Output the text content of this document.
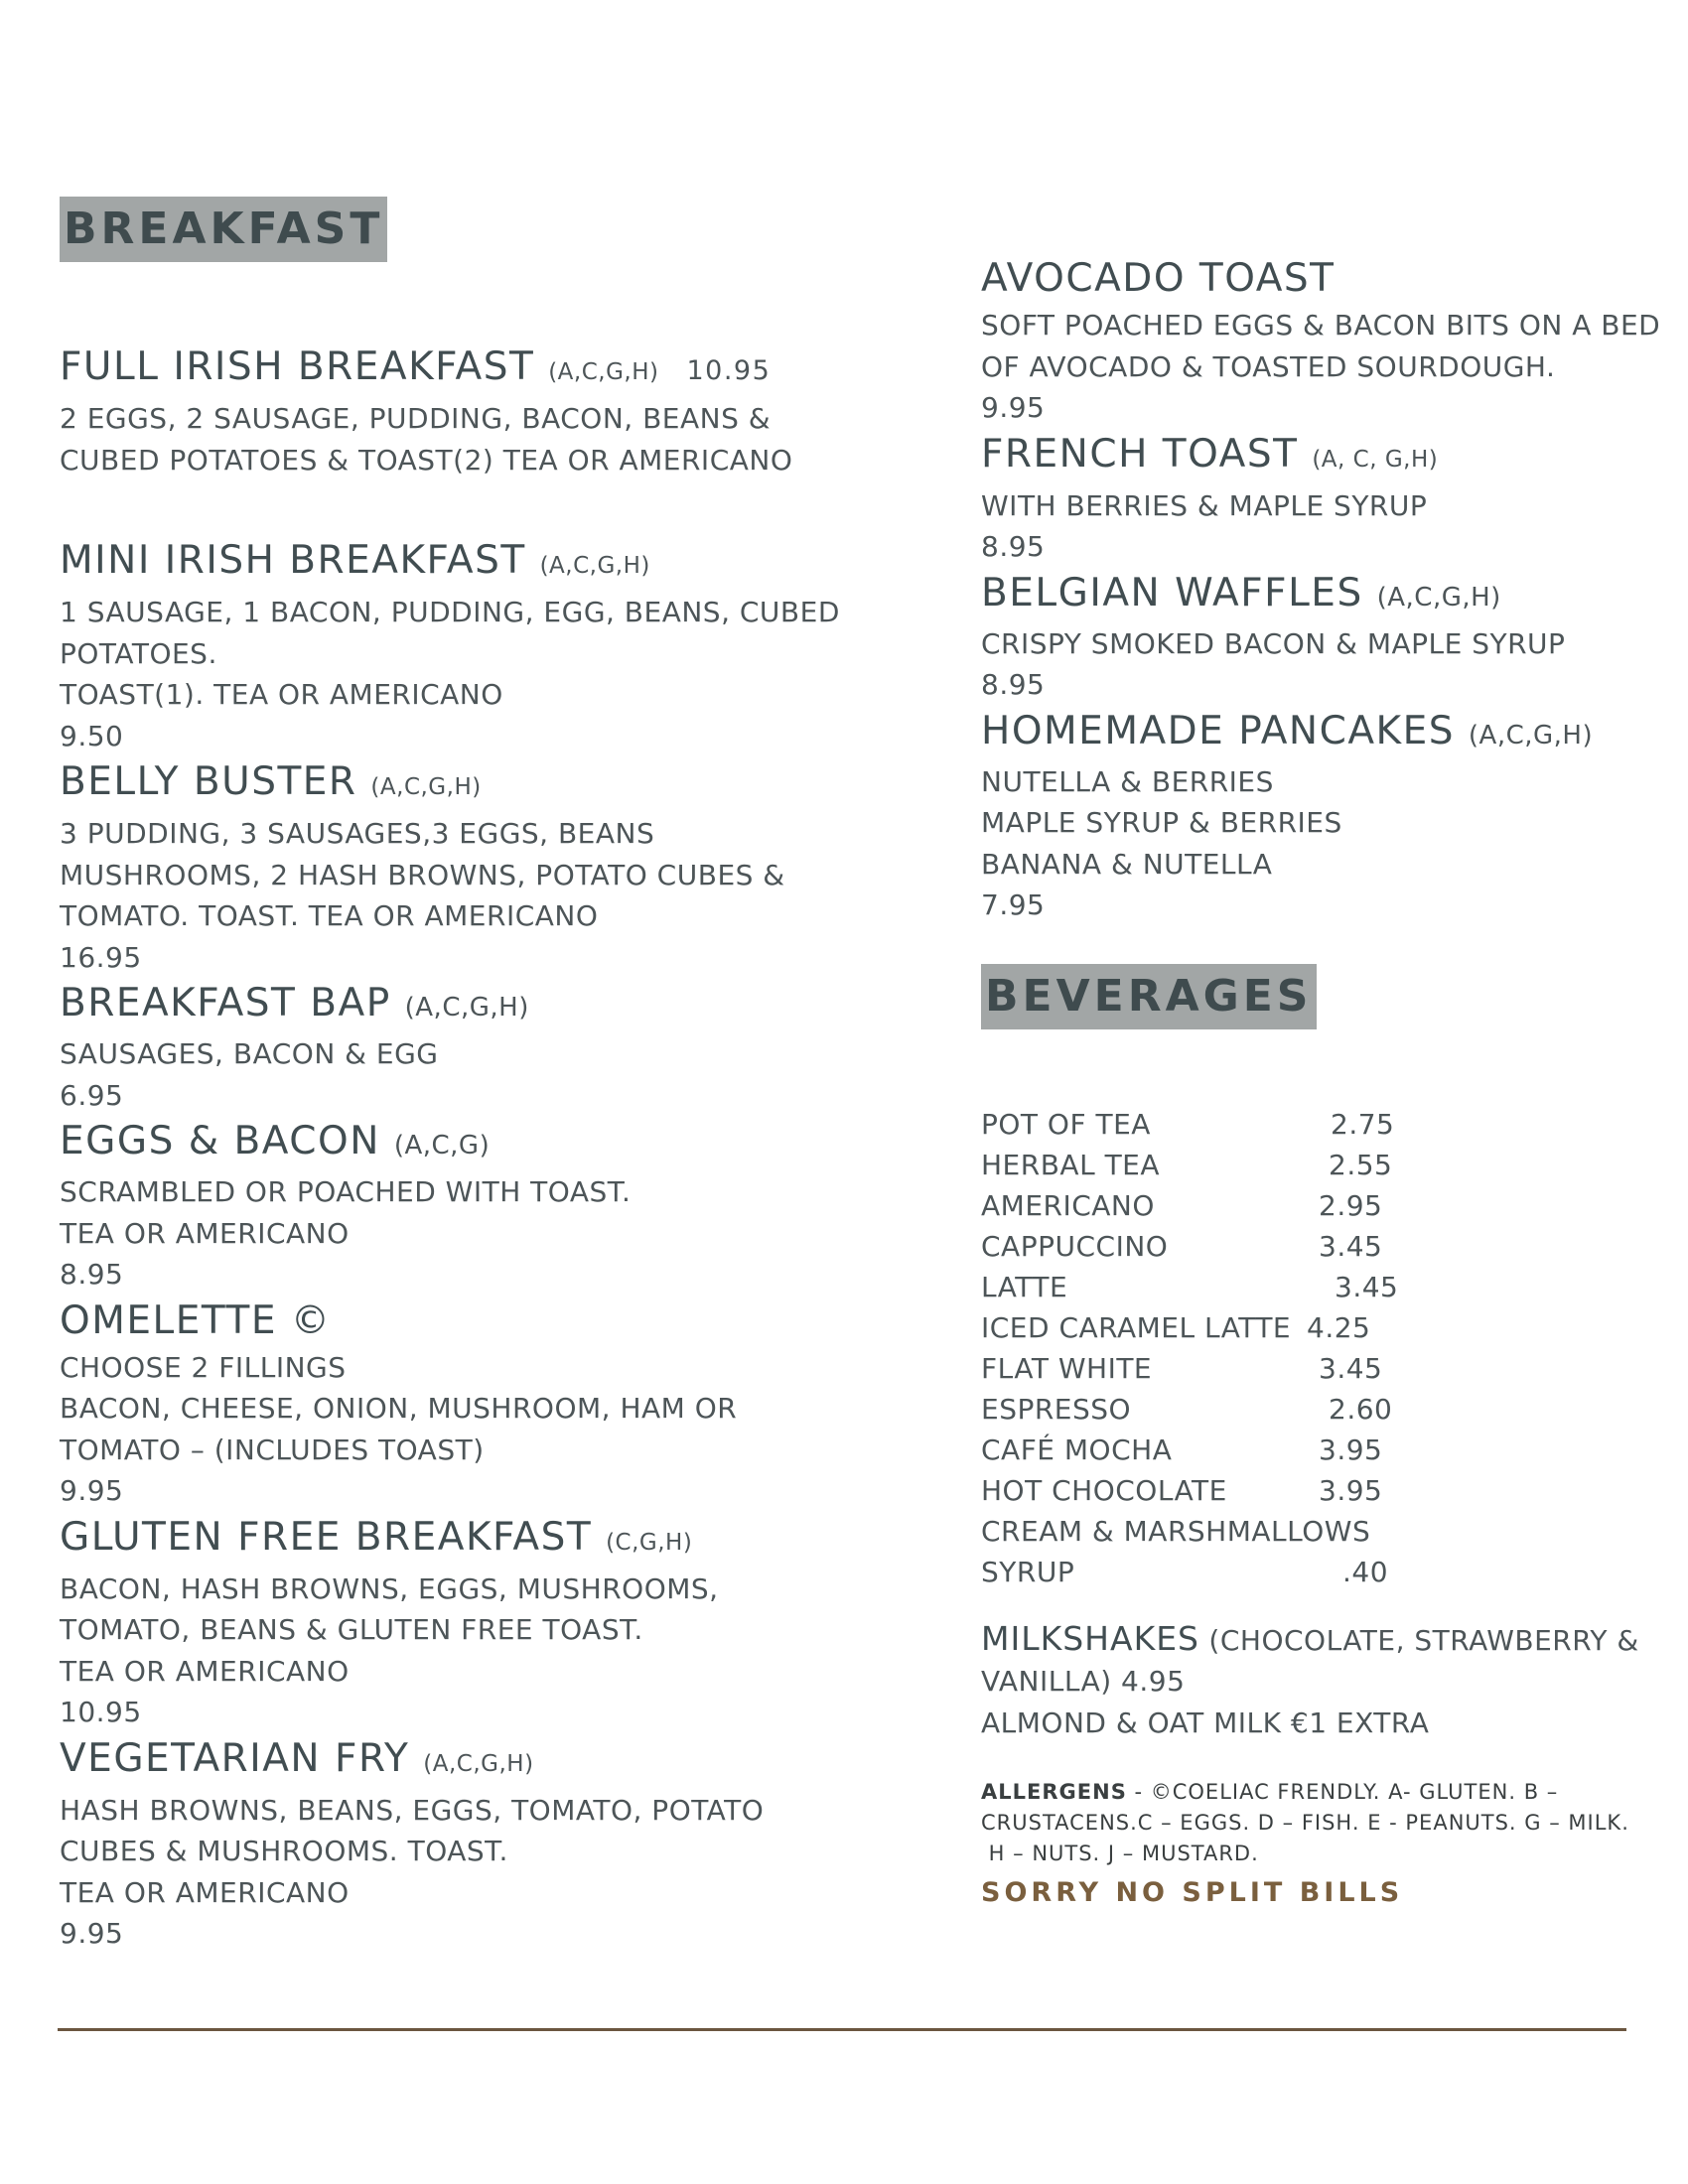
BREAKFAST

FULL IRISH BREAKFAST (A,C,G,H) 10.95

2 EGGS, 2 SAUSAGE, PUDDING, BACON, BEANS &

CUBED POTATOES & TOAST(2) TEA OR AMERICANO

MINI IRISH BREAKFAST (A,C,G,H)

1 SAUSAGE, 1 BACON, PUDDING, EGG, BEANS, CUBED

POTATOES.

TOAST(1). TEA OR AMERICANO

9.50

BELLY BUSTER (A,C,G,H)

3 PUDDING, 3 SAUSAGES,3 EGGS, BEANS

MUSHROOMS, 2 HASH BROWNS, POTATO CUBES &

TOMATO. TOAST. TEA OR AMERICANO

16.95

BREAKFAST BAP (A,C,G,H)

SAUSAGES, BACON & EGG

6.95

EGGS & BACON (A,C,G)

SCRAMBLED OR POACHED WITH TOAST.

TEA OR AMERICANO

8.95

OMELETTE ©

CHOOSE 2 FILLINGS

BACON, CHEESE, ONION, MUSHROOM, HAM OR

TOMATO – (INCLUDES TOAST)

9.95

GLUTEN FREE BREAKFAST (C,G,H)

BACON, HASH BROWNS, EGGS, MUSHROOMS,

TOMATO, BEANS & GLUTEN FREE TOAST.

TEA OR AMERICANO

10.95

VEGETARIAN FRY (A,C,G,H)

HASH BROWNS, BEANS, EGGS, TOMATO, POTATO

CUBES & MUSHROOMS. TOAST.

TEA OR AMERICANO

9.95

AVOCADO TOAST

SOFT POACHED EGGS & BACON BITS ON A BED

OF AVOCADO & TOASTED SOURDOUGH.

9.95

FRENCH TOAST (A, C, G,H)

WITH BERRIES & MAPLE SYRUP

8.95

BELGIAN WAFFLES (A,C,G,H)

CRISPY SMOKED BACON & MAPLE SYRUP

8.95

HOMEMADE PANCAKES (A,C,G,H)

NUTELLA & BERRIES

MAPLE SYRUP & BERRIES

BANANA & NUTELLA

7.95

BEVERAGES
POT OF TEA	2.75
HERBAL TEA	2.55
AMERICANO	2.95
CAPPUCCINO	3.45
LATTE	3.45
ICED CARAMEL LATTE 4.25
FLAT WHITE	3.45
ESPRESSO	2.60
CAFÉ MOCHA	3.95
HOT CHOCOLATE	3.95
CREAM & MARSHMALLOWS
SYRUP	.40

MILKSHAKES (CHOCOLATE, STRAWBERRY &

VANILLA) 4.95

ALMOND & OAT MILK €1 EXTRA

ALLERGENS - ©COELIAC FRENDLY. A- GLUTEN. B –
CRUSTACENS.C – EGGS. D – FISH. E - PEANUTS. G – MILK.
H – NUTS. J – MUSTARD.
SORRY NO SPLIT BILLS
